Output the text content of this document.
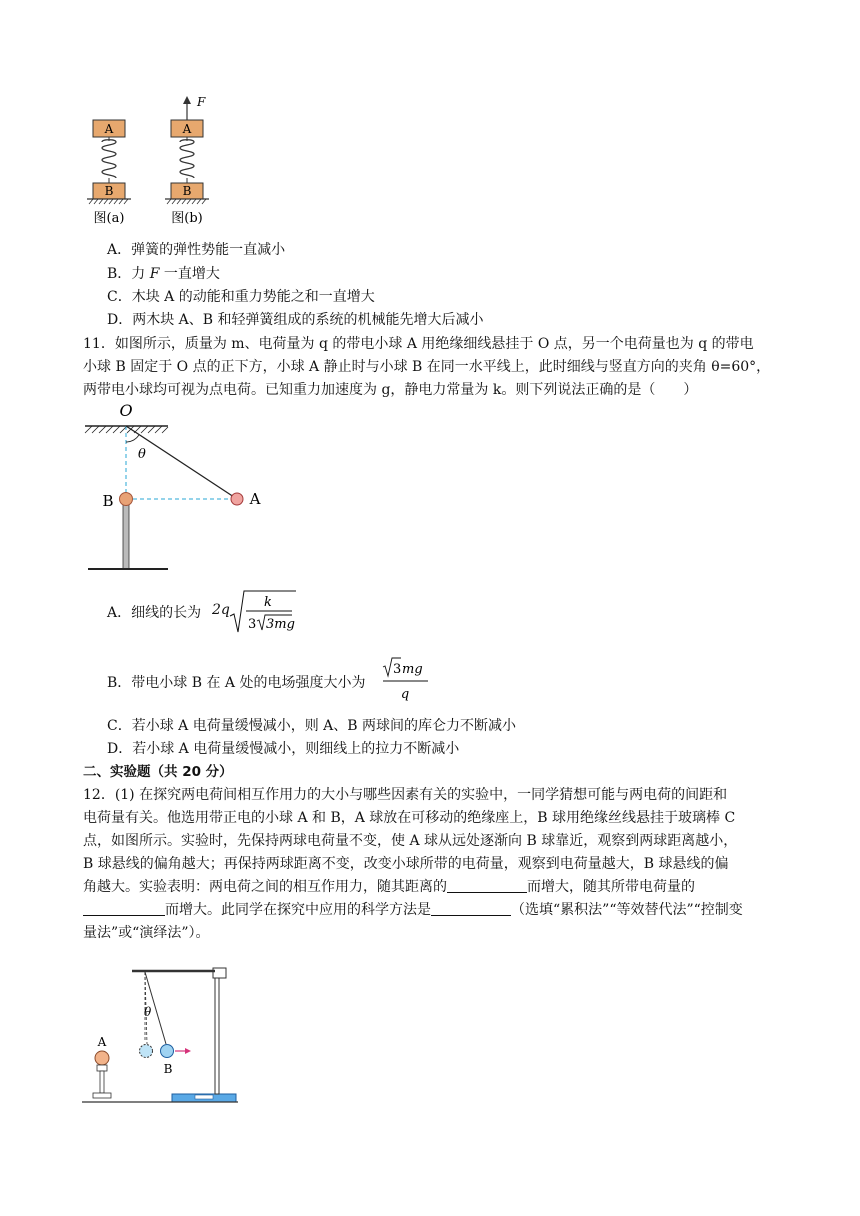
A
B
图(a)
F
A
B
图(b)
A．弹簧的弹性势能一直减小
B．力 F 一直增大
C．木块 A 的动能和重力势能之和一直增大
D．两木块 A、B 和轻弹簧组成的系统的机械能先增大后减小
11．如图所示，质量为 m、电荷量为 q 的带电小球 A 用绝缘细线悬挂于 O 点，另一个电荷量也为 q 的带电
小球 B 固定于 O 点的正下方，小球 A 静止时与小球 B 在同一水平线上，此时细线与竖直方向的夹角 θ=60°，
两带电小球均可视为点电荷。已知重力加速度为 g，静电力常量为 k。则下列说法正确的是（　　）
O
θ
B	A
A．细线的长为 2q	k
3 3mg
B．带电小球 B 在 A 处的电场强度大小为
3 mg
q
C．若小球 A 电荷量缓慢减小，则 A、B 两球间的库仑力不断减小
D．若小球 A 电荷量缓慢减小，则细线上的拉力不断减小
二、实验题（共 20 分）
12．(1) 在探究两电荷间相互作用力的大小与哪些因素有关的实验中，一同学猜想可能与两电荷的间距和
电荷量有关。他选用带正电的小球 A 和 B，A 球放在可移动的绝缘座上，B 球用绝缘丝线悬挂于玻璃棒 C
点，如图所示。实验时，先保持两球电荷量不变，使 A 球从远处逐渐向 B 球靠近，观察到两球距离越小，
B 球悬线的偏角越大；再保持两球距离不变，改变小球所带的电荷量，观察到电荷量越大，B 球悬线的偏
角越大。实验表明：两电荷之间的相互作用力，随其距离的	而增大，随其所带电荷量的
而增大。此同学在探究中应用的科学方法是	（选填“累积法”“等效替代法”“控制变
量法”或“演绎法”）。
θ
B
A
